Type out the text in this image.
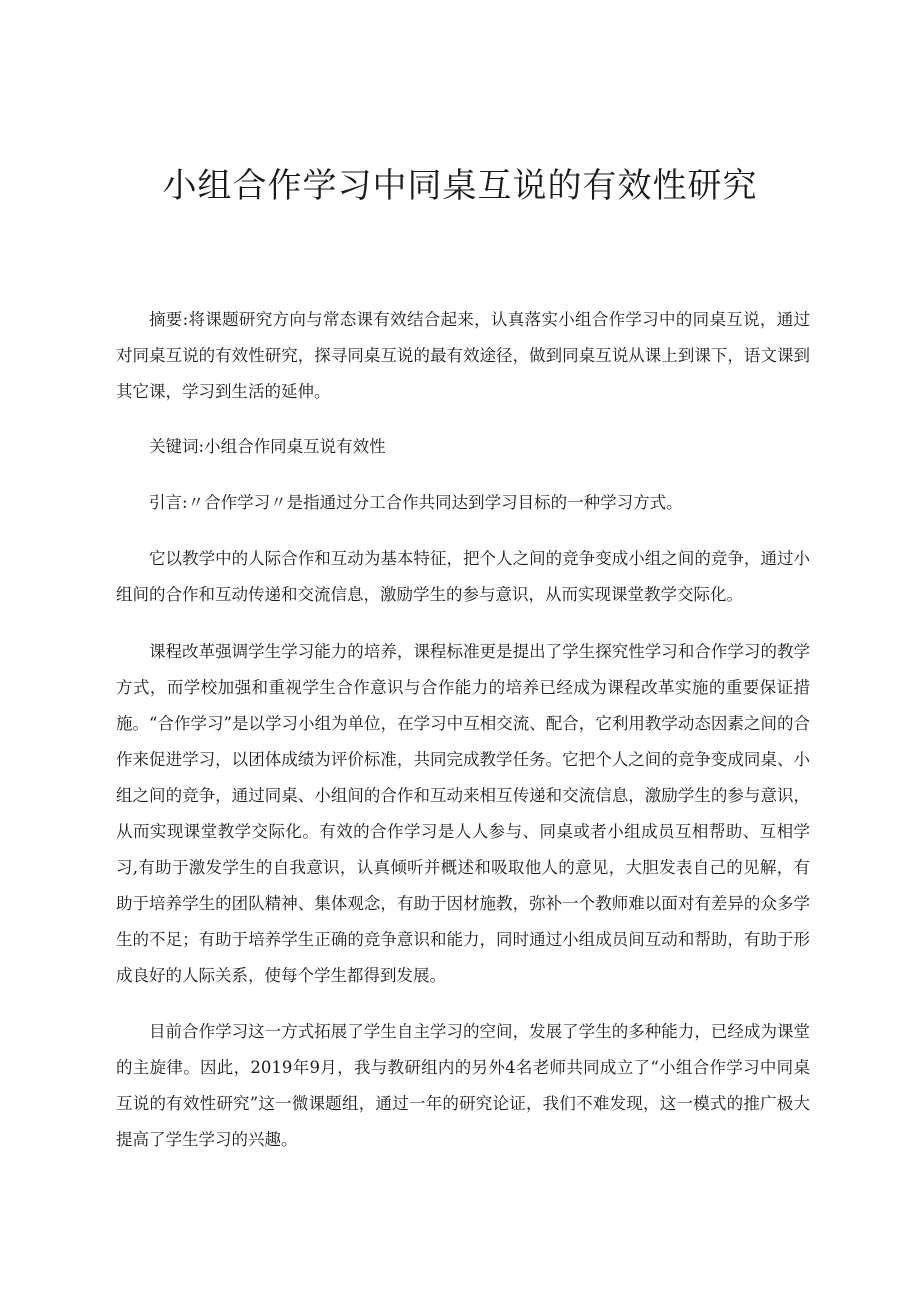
小组合作学习中同桌互说的有效性研究

摘要:将课题研究方向与常态课有效结合起来，认真落实小组合作学习中的同桌互说，通过对同桌互说的有效性研究，探寻同桌互说的最有效途径，做到同桌互说从课上到课下，语文课到其它课，学习到生活的延伸。

关键词:小组合作同桌互说有效性

引言:〃合作学习〃是指通过分工合作共同达到学习目标的一种学习方式。

它以教学中的人际合作和互动为基本特征，把个人之间的竞争变成小组之间的竞争，通过小组间的合作和互动传递和交流信息，激励学生的参与意识，从而实现课堂教学交际化。

课程改革强调学生学习能力的培养，课程标准更是提出了学生探究性学习和合作学习的教学方式，而学校加强和重视学生合作意识与合作能力的培养已经成为课程改革实施的重要保证措施。“合作学习”是以学习小组为单位，在学习中互相交流、配合，它利用教学动态因素之间的合作来促进学习，以团体成绩为评价标准，共同完成教学任务。它把个人之间的竞争变成同桌、小组之间的竞争，通过同桌、小组间的合作和互动来相互传递和交流信息，激励学生的参与意识，从而实现课堂教学交际化。有效的合作学习是人人参与、同桌或者小组成员互相帮助、互相学习,有助于激发学生的自我意识，认真倾听并概述和吸取他人的意见，大胆发表自己的见解，有助于培养学生的团队精神、集体观念，有助于因材施教，弥补一个教师难以面对有差异的众多学生的不足；有助于培养学生正确的竞争意识和能力，同时通过小组成员间互动和帮助，有助于形成良好的人际关系，使每个学生都得到发展。

目前合作学习这一方式拓展了学生自主学习的空间，发展了学生的多种能力，已经成为课堂的主旋律。因此，2019年9月，我与教研组内的另外4名老师共同成立了“小组合作学习中同桌互说的有效性研究”这一微课题组，通过一年的研究论证，我们不难发现，这一模式的推广极大提高了学生学习的兴趣。
